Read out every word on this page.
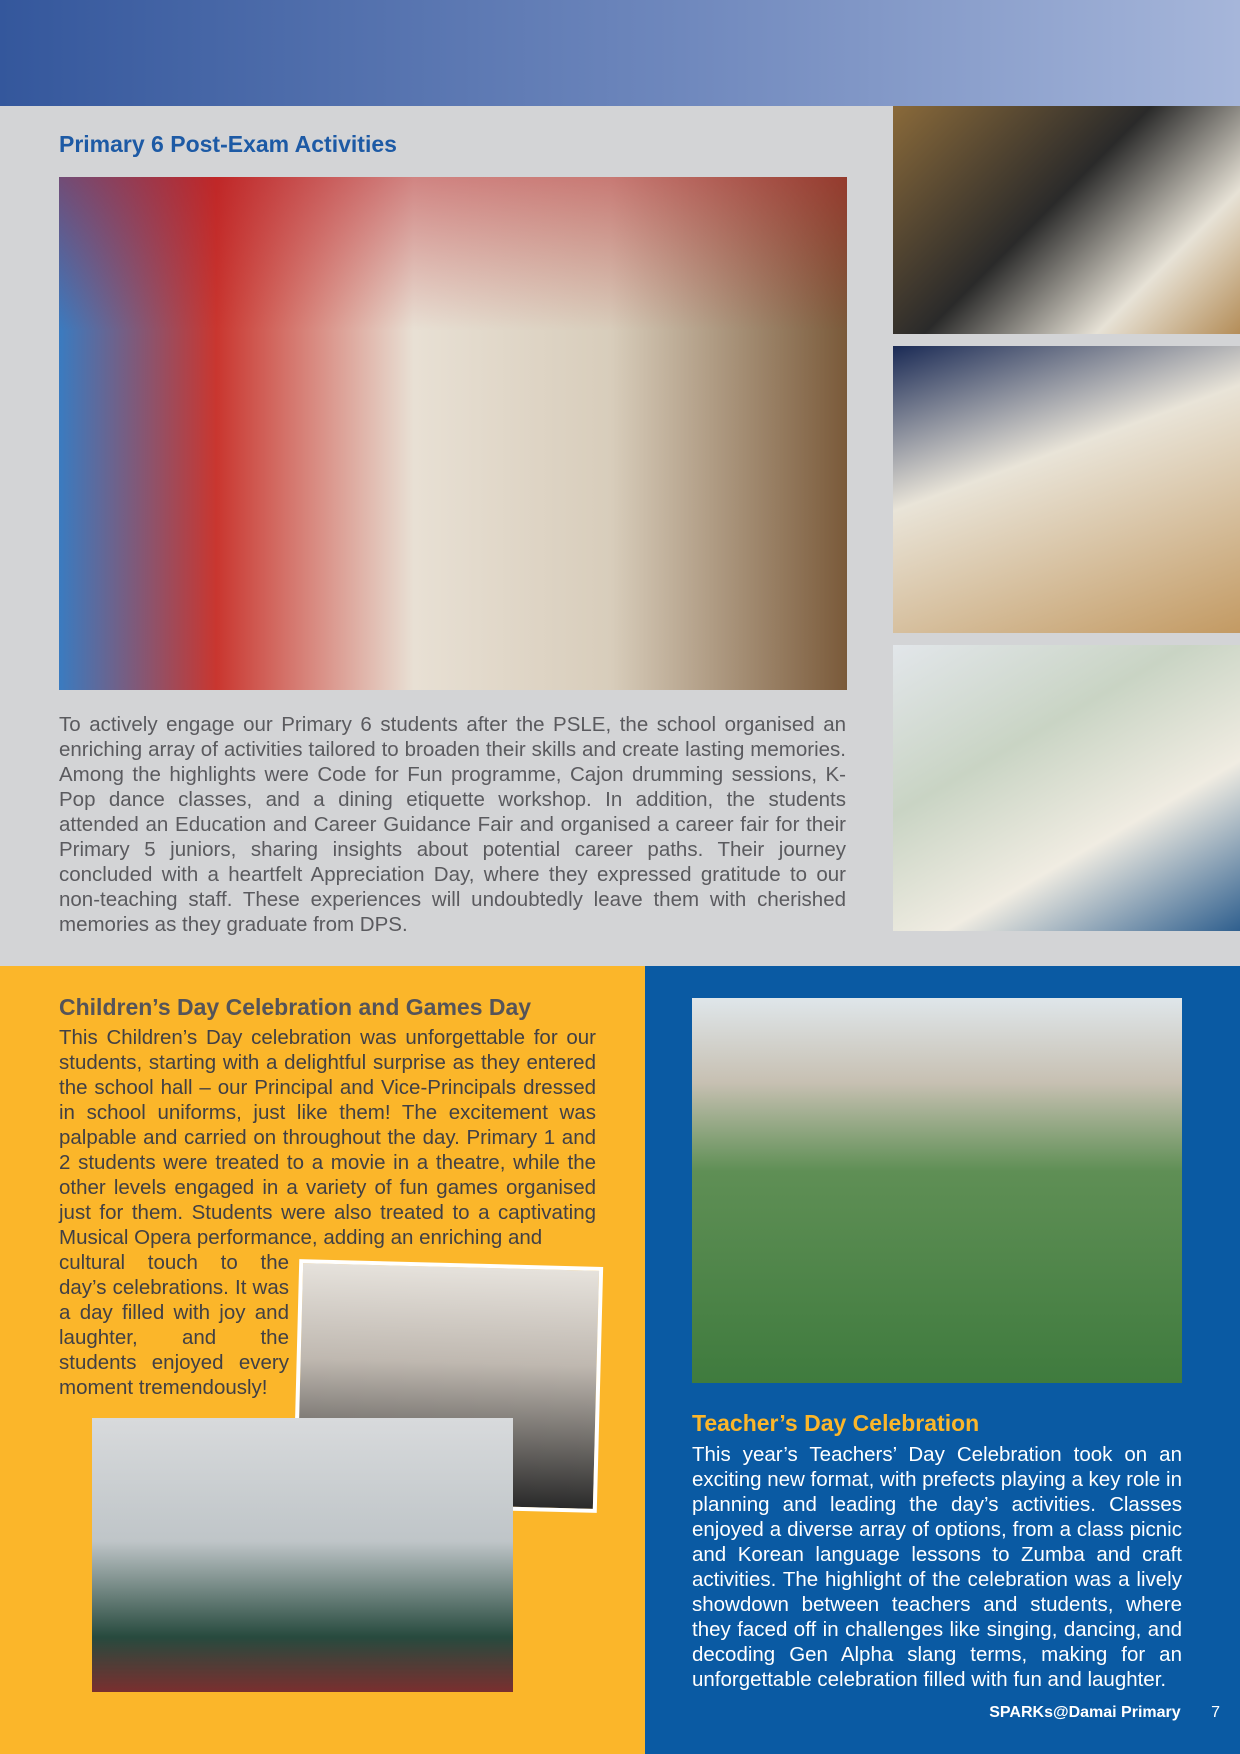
Primary 6 Post-Exam Activities

To actively engage our Primary 6 students after the PSLE, the school organised an enriching array of activities tailored to broaden their skills and create lasting memories. Among the highlights were Code for Fun programme, Cajon drumming sessions, K-Pop dance classes, and a dining etiquette workshop. In addition, the students attended an Education and Career Guidance Fair and organised a career fair for their Primary 5 juniors, sharing insights about potential career paths. Their journey concluded with a heartfelt Appreciation Day, where they expressed gratitude to our non-teaching staff. These experiences will undoubtedly leave them with cherished memories as they graduate from DPS.

Children’s Day Celebration and Games Day

This Children’s Day celebration was unforgettable for our students, starting with a delightful surprise as they entered the school hall – our Principal and Vice-Principals dressed in school uniforms, just like them! The excitement was palpable and carried on throughout the day. Primary 1 and 2 students were treated to a movie in a theatre, while the other levels engaged in a variety of fun games organised just for them. Students were also treated to a captivating Musical Opera performance, adding an enriching and

cultural touch to the day’s celebrations. It was a day filled with joy and laughter, and the students enjoyed every moment tremendously!

Teacher’s Day Celebration

This year’s Teachers’ Day Celebration took on an exciting new format, with prefects playing a key role in planning and leading the day’s activities. Classes enjoyed a diverse array of options, from a class picnic and Korean language lessons to Zumba and craft activities. The highlight of the celebration was a lively showdown between teachers and students, where they faced off in challenges like singing, dancing, and decoding Gen Alpha slang terms, making for an unforgettable celebration filled with fun and laughter.

SPARKs@Damai Primary 7
